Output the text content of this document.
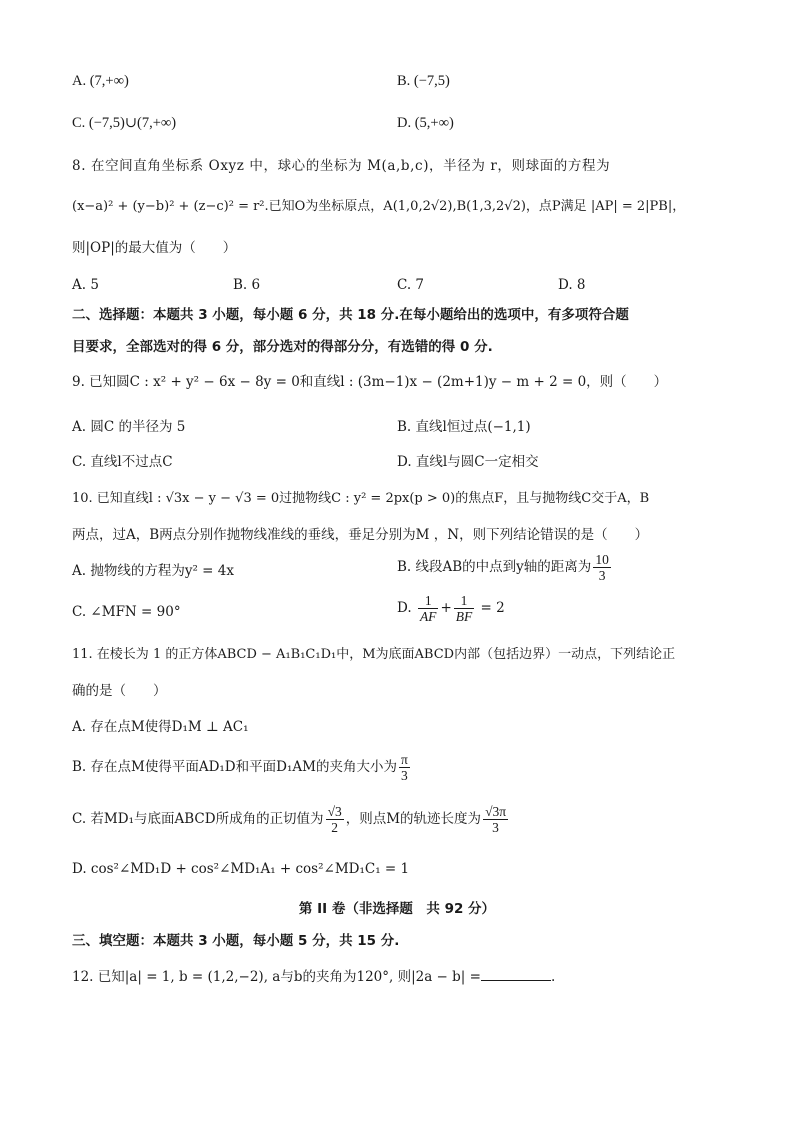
A. (7,+∞)	B. (−7,5)
C. (−7,5)∪(7,+∞)	D. (5,+∞)
8. 在空间直角坐标系 Oxyz 中，球心的坐标为 M(a,b,c)，半径为 r，则球面的方程为
(x−a)² + (y−b)² + (z−c)² = r².已知O为坐标原点，A(1,0,2√2),B(1,3,2√2)，点P满足 |AP| = 2|PB|，
则|OP|的最大值为（　　）
A. 5	B. 6	C. 7	D. 8
二、选择题：本题共 3 小题，每小题 6 分，共 18 分.在每小题给出的选项中，有多项符合题
目要求，全部选对的得 6 分，部分选对的得部分分，有选错的得 0 分.
9. 已知圆C : x² + y² − 6x − 8y = 0和直线l : (3m−1)x − (2m+1)y − m + 2 = 0，则（　　）
A. 圆C 的半径为 5	B. 直线l恒过点(−1,1)
C. 直线l不过点C	D. 直线l与圆C一定相交
10. 已知直线l : √3x − y − √3 = 0过抛物线C : y² = 2px(p > 0)的焦点F，且与抛物线C交于A，B
两点，过A，B两点分别作抛物线准线的垂线，垂足分别为M ，N，则下列结论错误的是（　　）
A. 抛物线的方程为y² = 4x	B. 线段AB的中点到y轴的距离为 $\frac{10}{3}$
C. ∠MFN = 90°	D. $\frac{1}{AF} + \frac{1}{BF} = 2$
11. 在棱长为 1 的正方体ABCD − A₁B₁C₁D₁中，M为底面ABCD内部（包括边界）一动点，下列结论正
确的是（　　）
A. 存在点M使得D₁M ⊥ AC₁
B. 存在点M使得平面AD₁D和平面D₁AM的夹角大小为 $\frac{\pi}{3}$
C. 若MD₁与底面ABCD所成角的正切值为 $\frac{√3}{2}$ ，则点M的轨迹长度为 $\frac{√3\pi}{3}$
D. cos²∠MD₁D + cos²∠MD₁A₁ + cos²∠MD₁C₁ = 1
第 II 卷（非选择题　共 92 分）
三、填空题：本题共 3 小题，每小题 5 分，共 15 分.
12. 已知|a| = 1, b = (1,2,−2), a与b的夹角为120°, 则|2a − b| =	.
